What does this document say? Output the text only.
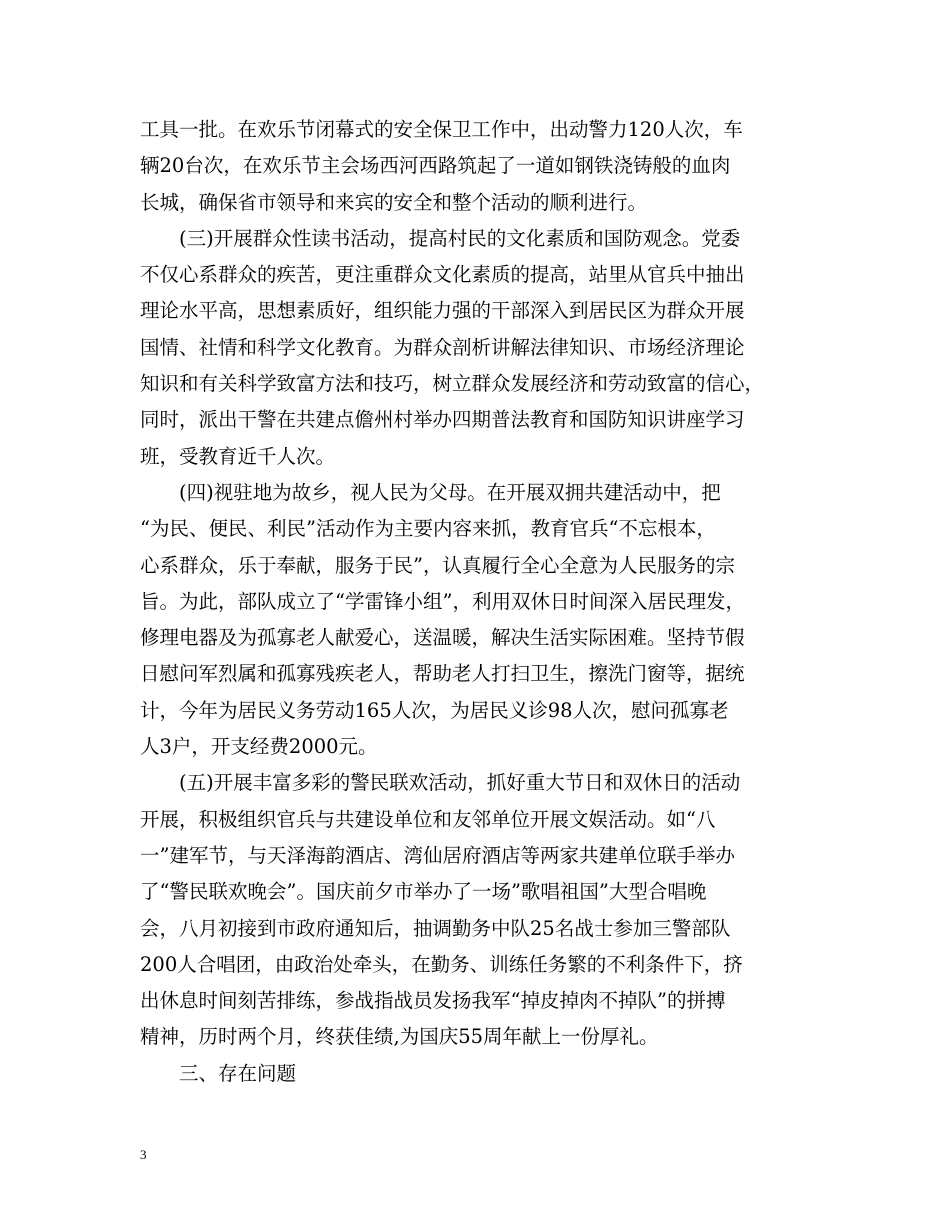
工具一批。在欢乐节闭幕式的安全保卫工作中，出动警力120人次，车
辆20台次，在欢乐节主会场西河西路筑起了一道如钢铁浇铸般的血肉
长城，确保省市领导和来宾的安全和整个活动的顺利进行。
　　(三)开展群众性读书活动，提高村民的文化素质和国防观念。党委
不仅心系群众的疾苦，更注重群众文化素质的提高，站里从官兵中抽出
理论水平高，思想素质好，组织能力强的干部深入到居民区为群众开展
国情、社情和科学文化教育。为群众剖析讲解法律知识、市场经济理论
知识和有关科学致富方法和技巧，树立群众发展经济和劳动致富的信心，
同时，派出干警在共建点儋州村举办四期普法教育和国防知识讲座学习
班，受教育近千人次。
　　(四)视驻地为故乡，视人民为父母。在开展双拥共建活动中，把
“为民、便民、利民”活动作为主要内容来抓，教育官兵“不忘根本，
心系群众，乐于奉献，服务于民”，认真履行全心全意为人民服务的宗
旨。为此，部队成立了“学雷锋小组”，利用双休日时间深入居民理发，
修理电器及为孤寡老人献爱心，送温暖，解决生活实际困难。坚持节假
日慰问军烈属和孤寡残疾老人，帮助老人打扫卫生，擦洗门窗等，据统
计，今年为居民义务劳动165人次，为居民义诊98人次，慰问孤寡老
人3户，开支经费2000元。
　　(五)开展丰富多彩的警民联欢活动，抓好重大节日和双休日的活动
开展，积极组织官兵与共建设单位和友邻单位开展文娱活动。如“八
一”建军节，与天泽海韵酒店、湾仙居府酒店等两家共建单位联手举办
了“警民联欢晚会”。国庆前夕市举办了一场”歌唱祖国”大型合唱晚
会，八月初接到市政府通知后，抽调勤务中队25名战士参加三警部队
200人合唱团，由政治处牵头，在勤务、训练任务繁的不利条件下，挤
出休息时间刻苦排练，参战指战员发扬我军“掉皮掉肉不掉队”的拼搏
精神，历时两个月，终获佳绩,为国庆55周年献上一份厚礼。
　　三、存在问题
3
